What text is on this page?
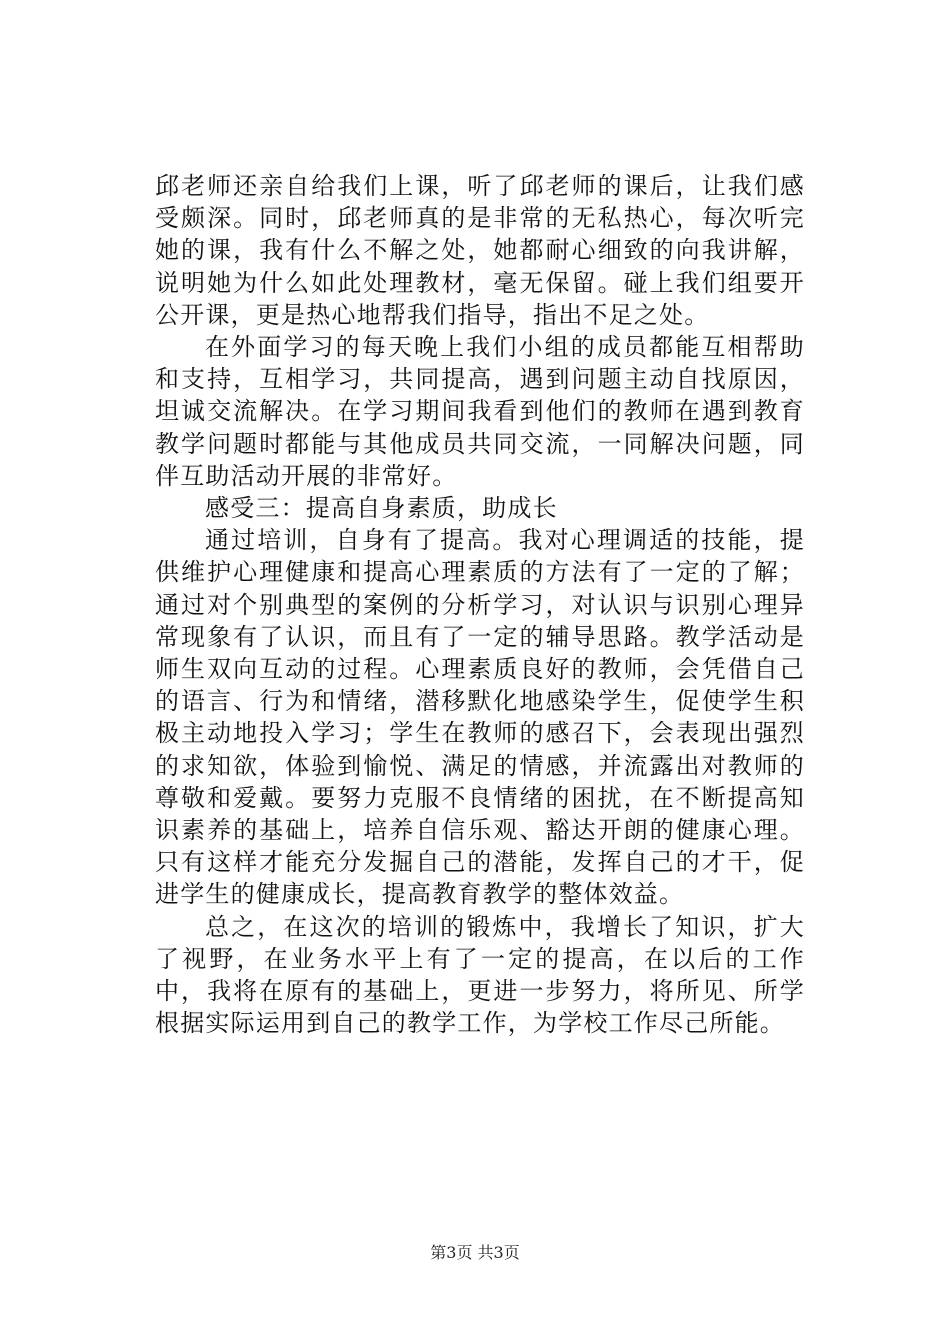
邱老师还亲自给我们上课，听了邱老师的课后，让我们感受颇深。同时，邱老师真的是非常的无私热心，每次听完她的课，我有什么不解之处，她都耐心细致的向我讲解，说明她为什么如此处理教材，毫无保留。碰上我们组要开公开课，更是热心地帮我们指导，指出不足之处。

在外面学习的每天晚上我们小组的成员都能互相帮助和支持，互相学习，共同提高，遇到问题主动自找原因，坦诚交流解决。在学习期间我看到他们的教师在遇到教育教学问题时都能与其他成员共同交流，一同解决问题，同伴互助活动开展的非常好。

感受三：提高自身素质，助成长

通过培训，自身有了提高。我对心理调适的技能，提供维护心理健康和提高心理素质的方法有了一定的了解；通过对个别典型的案例的分析学习，对认识与识别心理异常现象有了认识，而且有了一定的辅导思路。教学活动是师生双向互动的过程。心理素质良好的教师，会凭借自己的语言、行为和情绪，潜移默化地感染学生，促使学生积极主动地投入学习；学生在教师的感召下，会表现出强烈的求知欲，体验到愉悦、满足的情感，并流露出对教师的尊敬和爱戴。要努力克服不良情绪的困扰，在不断提高知识素养的基础上，培养自信乐观、豁达开朗的健康心理。只有这样才能充分发掘自己的潜能，发挥自己的才干，促进学生的健康成长，提高教育教学的整体效益。

总之，在这次的培训的锻炼中，我增长了知识，扩大了视野，在业务水平上有了一定的提高，在以后的工作中，我将在原有的基础上，更进一步努力，将所见、所学根据实际运用到自己的教学工作，为学校工作尽己所能。

第3页 共3页
